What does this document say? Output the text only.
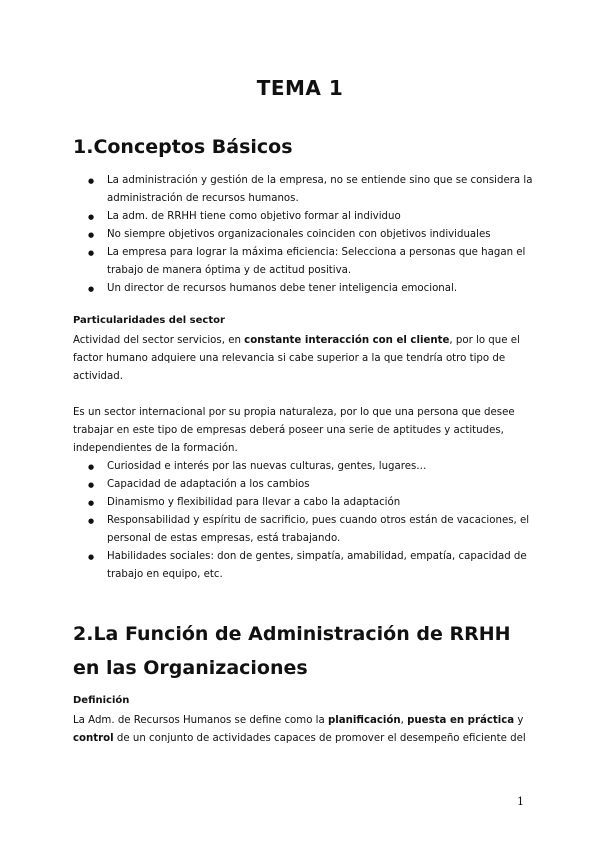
TEMA 1
1.Conceptos Básicos
● La administración y gestión de la empresa, no se entiende sino que se considera la administración de recursos humanos.
● La adm. de RRHH tiene como objetivo formar al individuo
● No siempre objetivos organizacionales coinciden con objetivos individuales
● La empresa para lograr la máxima eficiencia: Selecciona a personas que hagan el trabajo de manera óptima y de actitud positiva.
● Un director de recursos humanos debe tener inteligencia emocional.
Particularidades del sector

Actividad del sector servicios, en constante interacción con el cliente, por lo que el factor humano adquiere una relevancia si cabe superior a la que tendría otro tipo de actividad.

Es un sector internacional por su propia naturaleza, por lo que una persona que desee trabajar en este tipo de empresas deberá poseer una serie de aptitudes y actitudes, independientes de la formación.

● Curiosidad e interés por las nuevas culturas, gentes, lugares…
● Capacidad de adaptación a los cambios
● Dinamismo y flexibilidad para llevar a cabo la adaptación
● Responsabilidad y espíritu de sacrificio, pues cuando otros están de vacaciones, el personal de estas empresas, está trabajando.
● Habilidades sociales: don de gentes, simpatía, amabilidad, empatía, capacidad de trabajo en equipo, etc.
2.La Función de Administración de RRHH en las Organizaciones
Definición

La Adm. de Recursos Humanos se define como la planificación, puesta en práctica y control de un conjunto de actividades capaces de promover el desempeño eficiente del

1
